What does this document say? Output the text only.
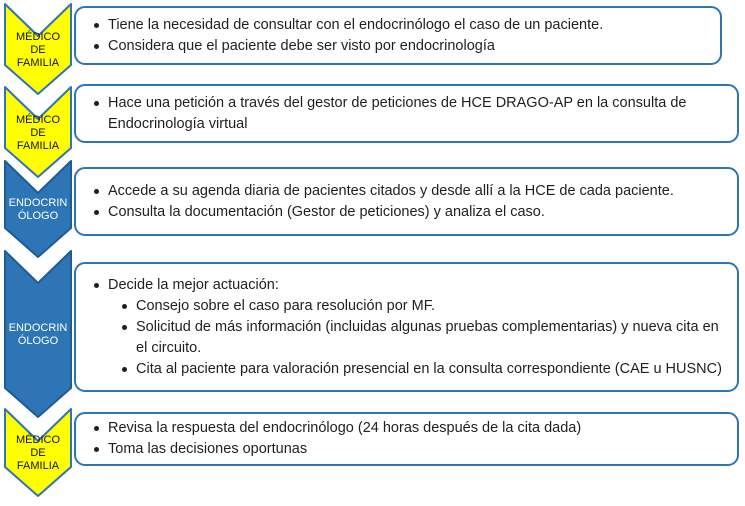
MÉDICO
DE
FAMILIA
Tiene la necesidad de consultar con el endocrinólogo el caso de un paciente.
Considera que el paciente debe ser visto por endocrinología
MÉDICO
DE
FAMILIA
Hace una petición a través del gestor de peticiones de HCE DRAGO-AP en la consulta de Endocrinología virtual
ENDOCRIN
ÓLOGO
Accede a su agenda diaria de pacientes citados y desde allí a la HCE de cada paciente.
Consulta la documentación (Gestor de peticiones) y analiza el caso.
ENDOCRIN
ÓLOGO
Decide la mejor actuación:
Consejo sobre el caso para resolución por MF.
Solicitud de más información (incluidas algunas pruebas complementarias) y nueva cita en el circuito.
Cita al paciente para valoración presencial en la consulta correspondiente (CAE u HUSNC)
MÉDICO
DE
FAMILIA
Revisa la respuesta del endocrinólogo (24 horas después de la cita dada)
Toma las decisiones oportunas
